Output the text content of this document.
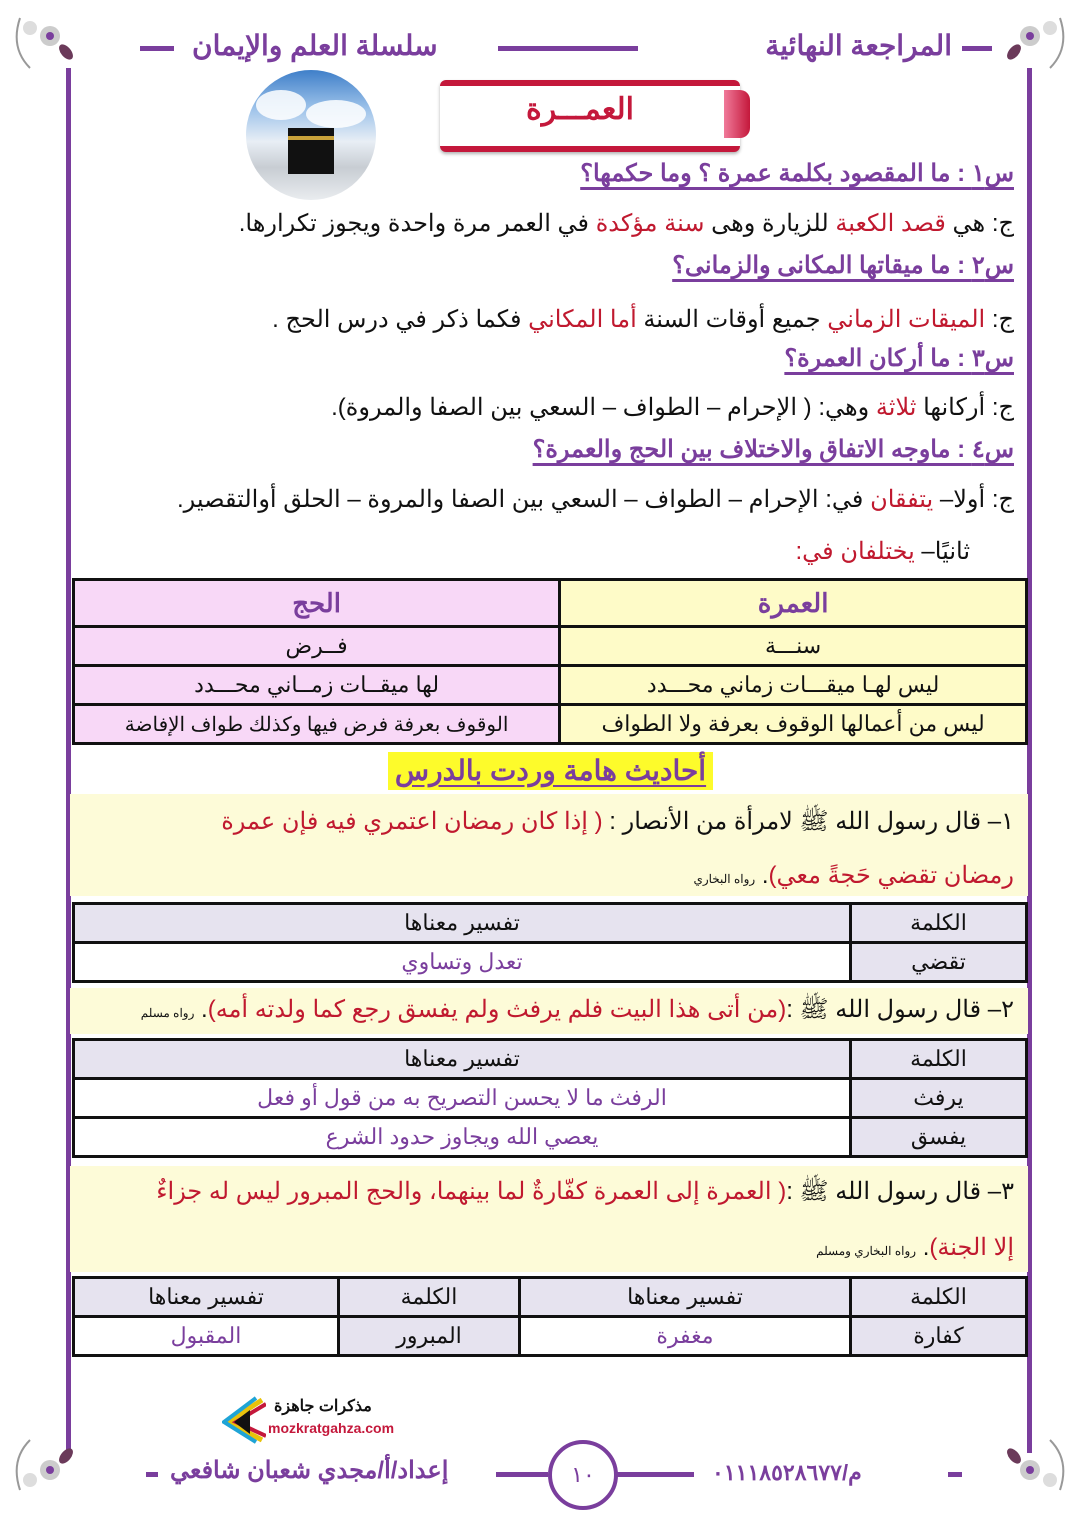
المراجعة النهائية
سلسلة العلم والإيمان
العمـــرة
س١ : ما المقصود بكلمة عمرة ؟ وما حكمها؟
ج: هي قصد الكعبة للزيارة وهى سنة مؤكدة في العمر مرة واحدة ويجوز تكرارها.
س٢ : ما ميقاتها المكانى والزمانى؟
ج: الميقات الزماني جميع أوقات السنة أما المكاني فكما ذكر في درس الحج .
س٣ : ما أركان العمرة؟
ج: أركانها ثلاثة وهي: ( الإحرام – الطواف – السعي بين الصفا والمروة).
س٤ : ماوجه الاتفاق والاختلاف بين الحج والعمرة؟
ج: أولا– يتفقان في: الإحرام – الطواف – السعي بين الصفا والمروة – الحلق أوالتقصير.
ثانيًا– يختلفان في:
العمرة	الحج
سنـــة	فــرض
ليس لهـا ميقـــات زماني محـــدد	لها ميقــات زمــاني محـــدد
ليس من أعمالها الوقوف بعرفة ولا الطواف	الوقوف بعرفة فرض فيها وكذلك طواف الإفاضة
أحاديث هامة وردت بالدرس
١– قال رسول الله ﷺ لامرأة من الأنصار : ( إذا كان رمضان اعتمري فيه فإن عمرة
رمضان تقضي حَجةً معي). رواه البخاري
الكلمة	تفسير معناها
تقضي	تعدل وتساوي
٢– قال رسول الله ﷺ :(من أتى هذا البيت فلم يرفث ولم يفسق رجع كما ولدته أمه). رواه مسلم
الكلمة	تفسير معناها
يرفث	الرفث ما لا يحسن التصريح به من قول أو فعل
يفسق	يعصي الله ويجاوز حدود الشرع
٣– قال رسول الله ﷺ :( العمرة إلى العمرة كفّارةٌ لما بينهما، والحج المبرور ليس له جزاءٌ
إلا الجنة). رواه البخاري ومسلم
الكلمة	تفسير معناها	الكلمة	تفسير معناها
كفارة	مغفرة	المبرور	المقبول
مذكرات جاهزة
mozkratgahza.com
م/٠١١١٨٥٢٨٦٧٧
١٠
إعداد/أ/مجدي شعبان شافعي
